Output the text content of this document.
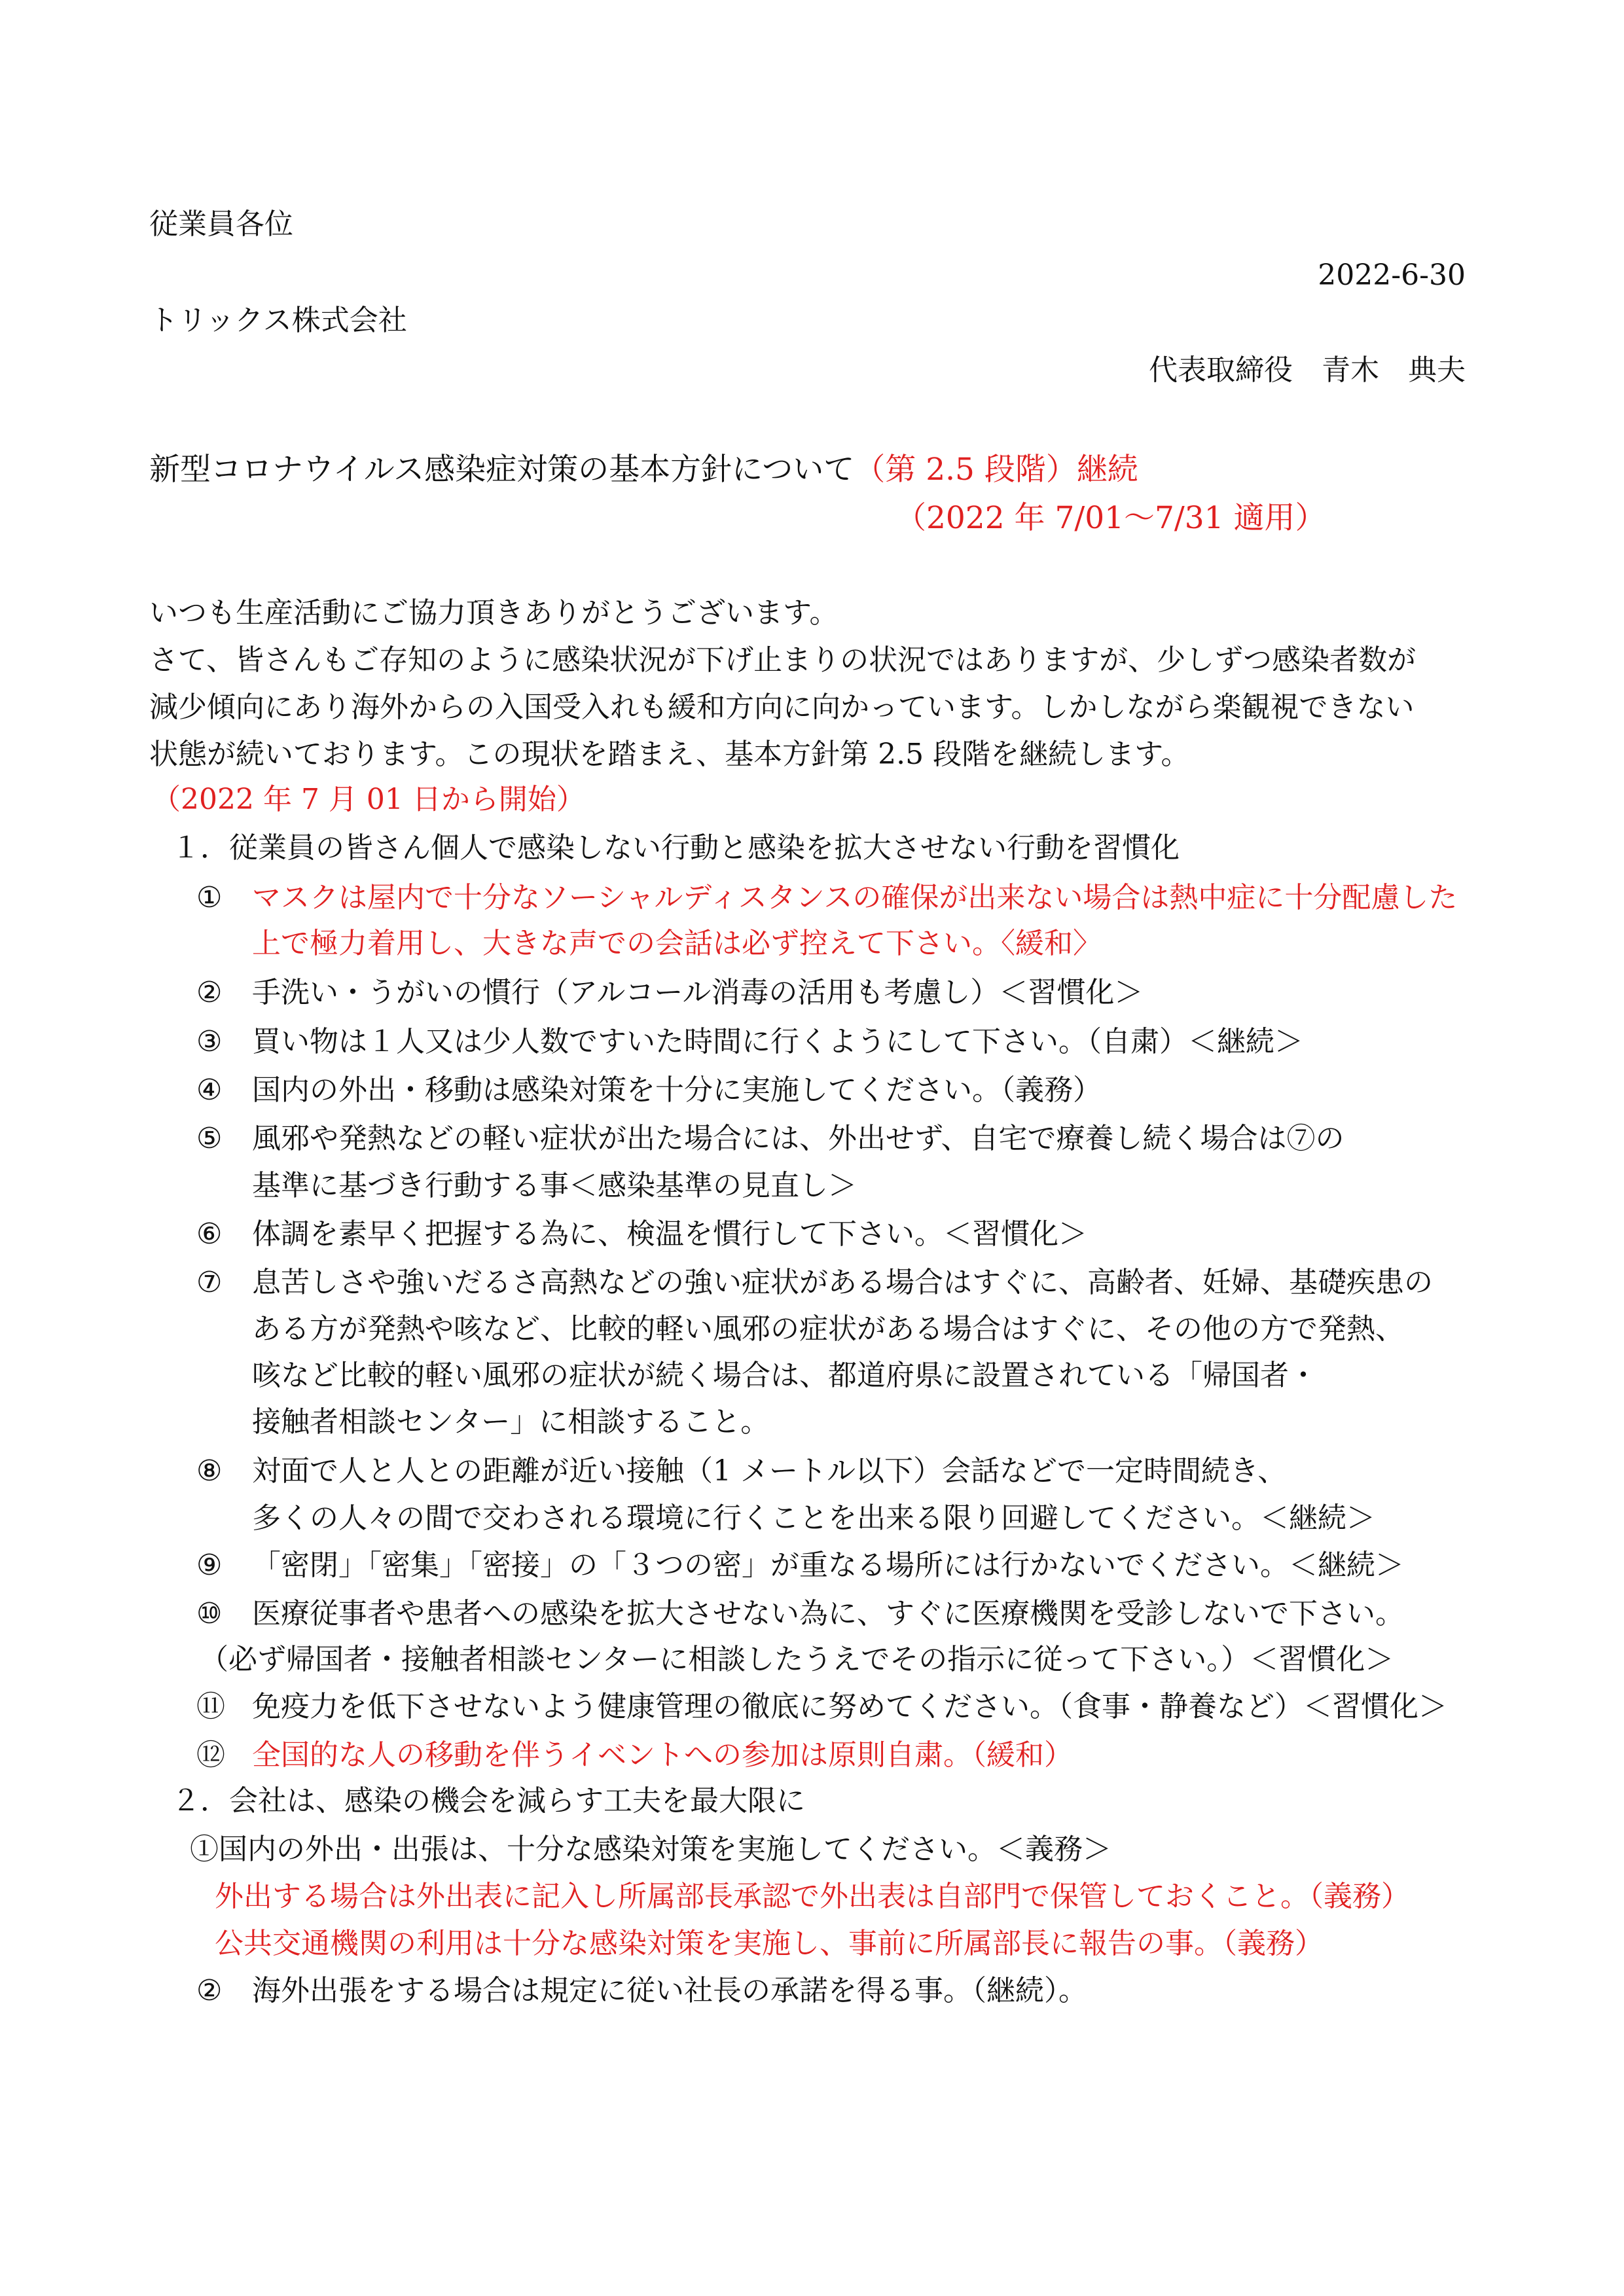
従業員各位
2022-6-30
トリックス株式会社
代表取締役　青木　典夫
新型コロナウイルス感染症対策の基本方針について（第 2.5 段階）継続
（2022 年 7/01～7/31 適用）
いつも生産活動にご協力頂きありがとうございます。
さて、皆さんもご存知のように感染状況が下げ止まりの状況ではありますが、少しずつ感染者数が
減少傾向にあり海外からの入国受入れも緩和方向に向かっています。しかしながら楽観視できない
状態が続いております。この現状を踏まえ、基本方針第 2.5 段階を継続します。
（2022 年 7 月 01 日から開始）
１．従業員の皆さん個人で感染しない行動と感染を拡大させない行動を習慣化
① マスクは屋内で十分なソーシャルディスタンスの確保が出来ない場合は熱中症に十分配慮した
上で極力着用し、大きな声での会話は必ず控えて下さい。〈緩和〉
② 手洗い・うがいの慣行（アルコール消毒の活用も考慮し）＜習慣化＞
③ 買い物は１人又は少人数ですいた時間に行くようにして下さい。（自粛）＜継続＞
④ 国内の外出・移動は感染対策を十分に実施してください。（義務）
⑤ 風邪や発熱などの軽い症状が出た場合には、外出せず、自宅で療養し続く場合は⑦の
基準に基づき行動する事＜感染基準の見直し＞
⑥ 体調を素早く把握する為に、検温を慣行して下さい。＜習慣化＞
⑦ 息苦しさや強いだるさ高熱などの強い症状がある場合はすぐに、高齢者、妊婦、基礎疾患の
ある方が発熱や咳など、比較的軽い風邪の症状がある場合はすぐに、その他の方で発熱、
咳など比較的軽い風邪の症状が続く場合は、都道府県に設置されている「帰国者・
接触者相談センター」に相談すること。
⑧ 対面で人と人との距離が近い接触（1 メートル以下）会話などで一定時間続き、
多くの人々の間で交わされる環境に行くことを出来る限り回避してください。＜継続＞
⑨ 「密閉」「密集」「密接」の「３つの密」が重なる場所には行かないでください。＜継続＞
⑩ 医療従事者や患者への感染を拡大させない為に、すぐに医療機関を受診しないで下さい。
（必ず帰国者・接触者相談センターに相談したうえでその指示に従って下さい。）＜習慣化＞
⑪ 免疫力を低下させないよう健康管理の徹底に努めてください。（食事・静養など）＜習慣化＞
⑫ 全国的な人の移動を伴うイベントへの参加は原則自粛。（緩和）
２．会社は、感染の機会を減らす工夫を最大限に
①国内の外出・出張は、十分な感染対策を実施してください。＜義務＞
外出する場合は外出表に記入し所属部長承認で外出表は自部門で保管しておくこと。（義務）
公共交通機関の利用は十分な感染対策を実施し、事前に所属部長に報告の事。（義務）
② 海外出張をする場合は規定に従い社長の承諾を得る事。（継続）。
